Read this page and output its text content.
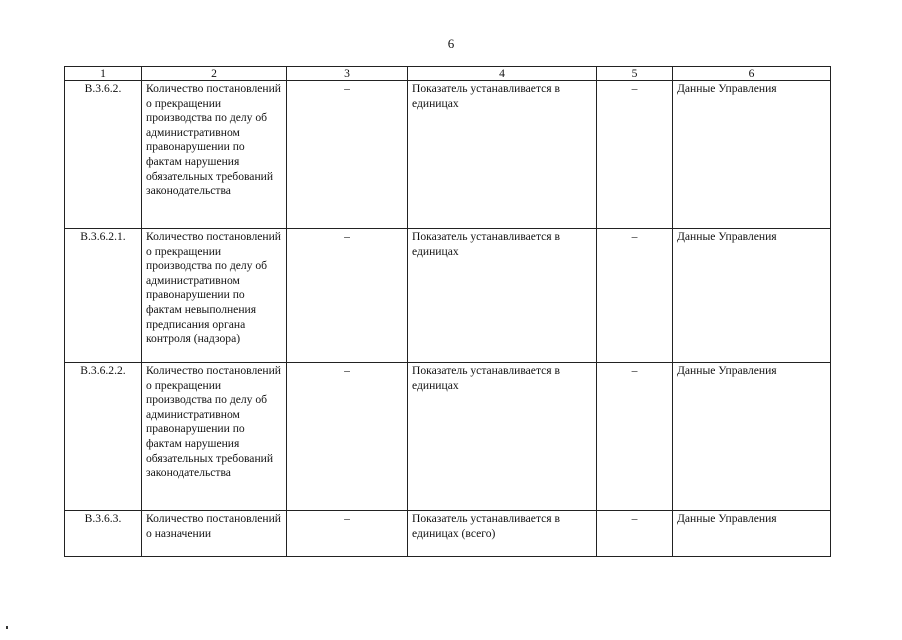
6
1	2	3	4	5	6
В.3.6.2.	Количество постановлений о прекращении производства по делу об административном правонарушении по фактам нарушения обязательных требований законодательства	–	Показатель устанавливается в единицах	–	Данные Управления
В.3.6.2.1.	Количество постановлений о прекращении производства по делу об административном правонарушении по фактам невыполнения предписания органа контроля (надзора)	–	Показатель устанавливается в единицах	–	Данные Управления
В.3.6.2.2.	Количество постановлений о прекращении производства по делу об административном правонарушении по фактам нарушения обязательных требований законодательства	–	Показатель устанавливается в единицах	–	Данные Управления
В.3.6.3.	Количество постановлений о назначении	–	Показатель устанавливается в единицах (всего)	–	Данные Управления
